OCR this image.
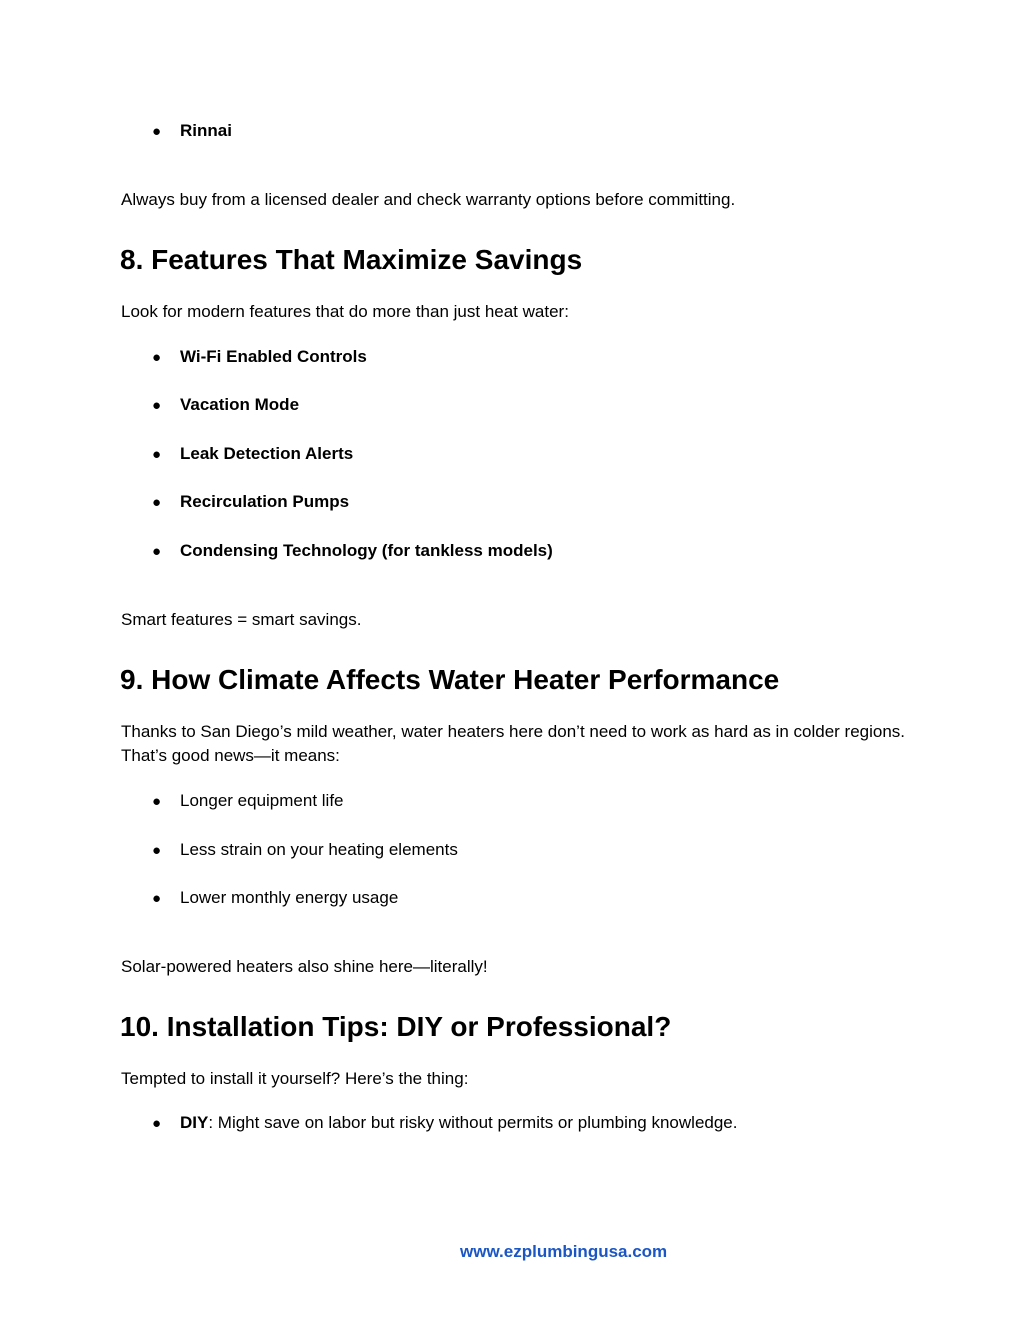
● Rinnai
Always buy from a licensed dealer and check warranty options before committing.
8. Features That Maximize Savings
Look for modern features that do more than just heat water:
● Wi-Fi Enabled Controls
● Vacation Mode
● Leak Detection Alerts
● Recirculation Pumps
● Condensing Technology (for tankless models)
Smart features = smart savings.
9. How Climate Affects Water Heater Performance
Thanks to San Diego’s mild weather, water heaters here don’t need to work as hard as in colder regions. That’s good news—it means:
● Longer equipment life
● Less strain on your heating elements
● Lower monthly energy usage
Solar-powered heaters also shine here—literally!
10. Installation Tips: DIY or Professional?
Tempted to install it yourself? Here’s the thing:
● DIY: Might save on labor but risky without permits or plumbing knowledge.
www.ezplumbingusa.com
